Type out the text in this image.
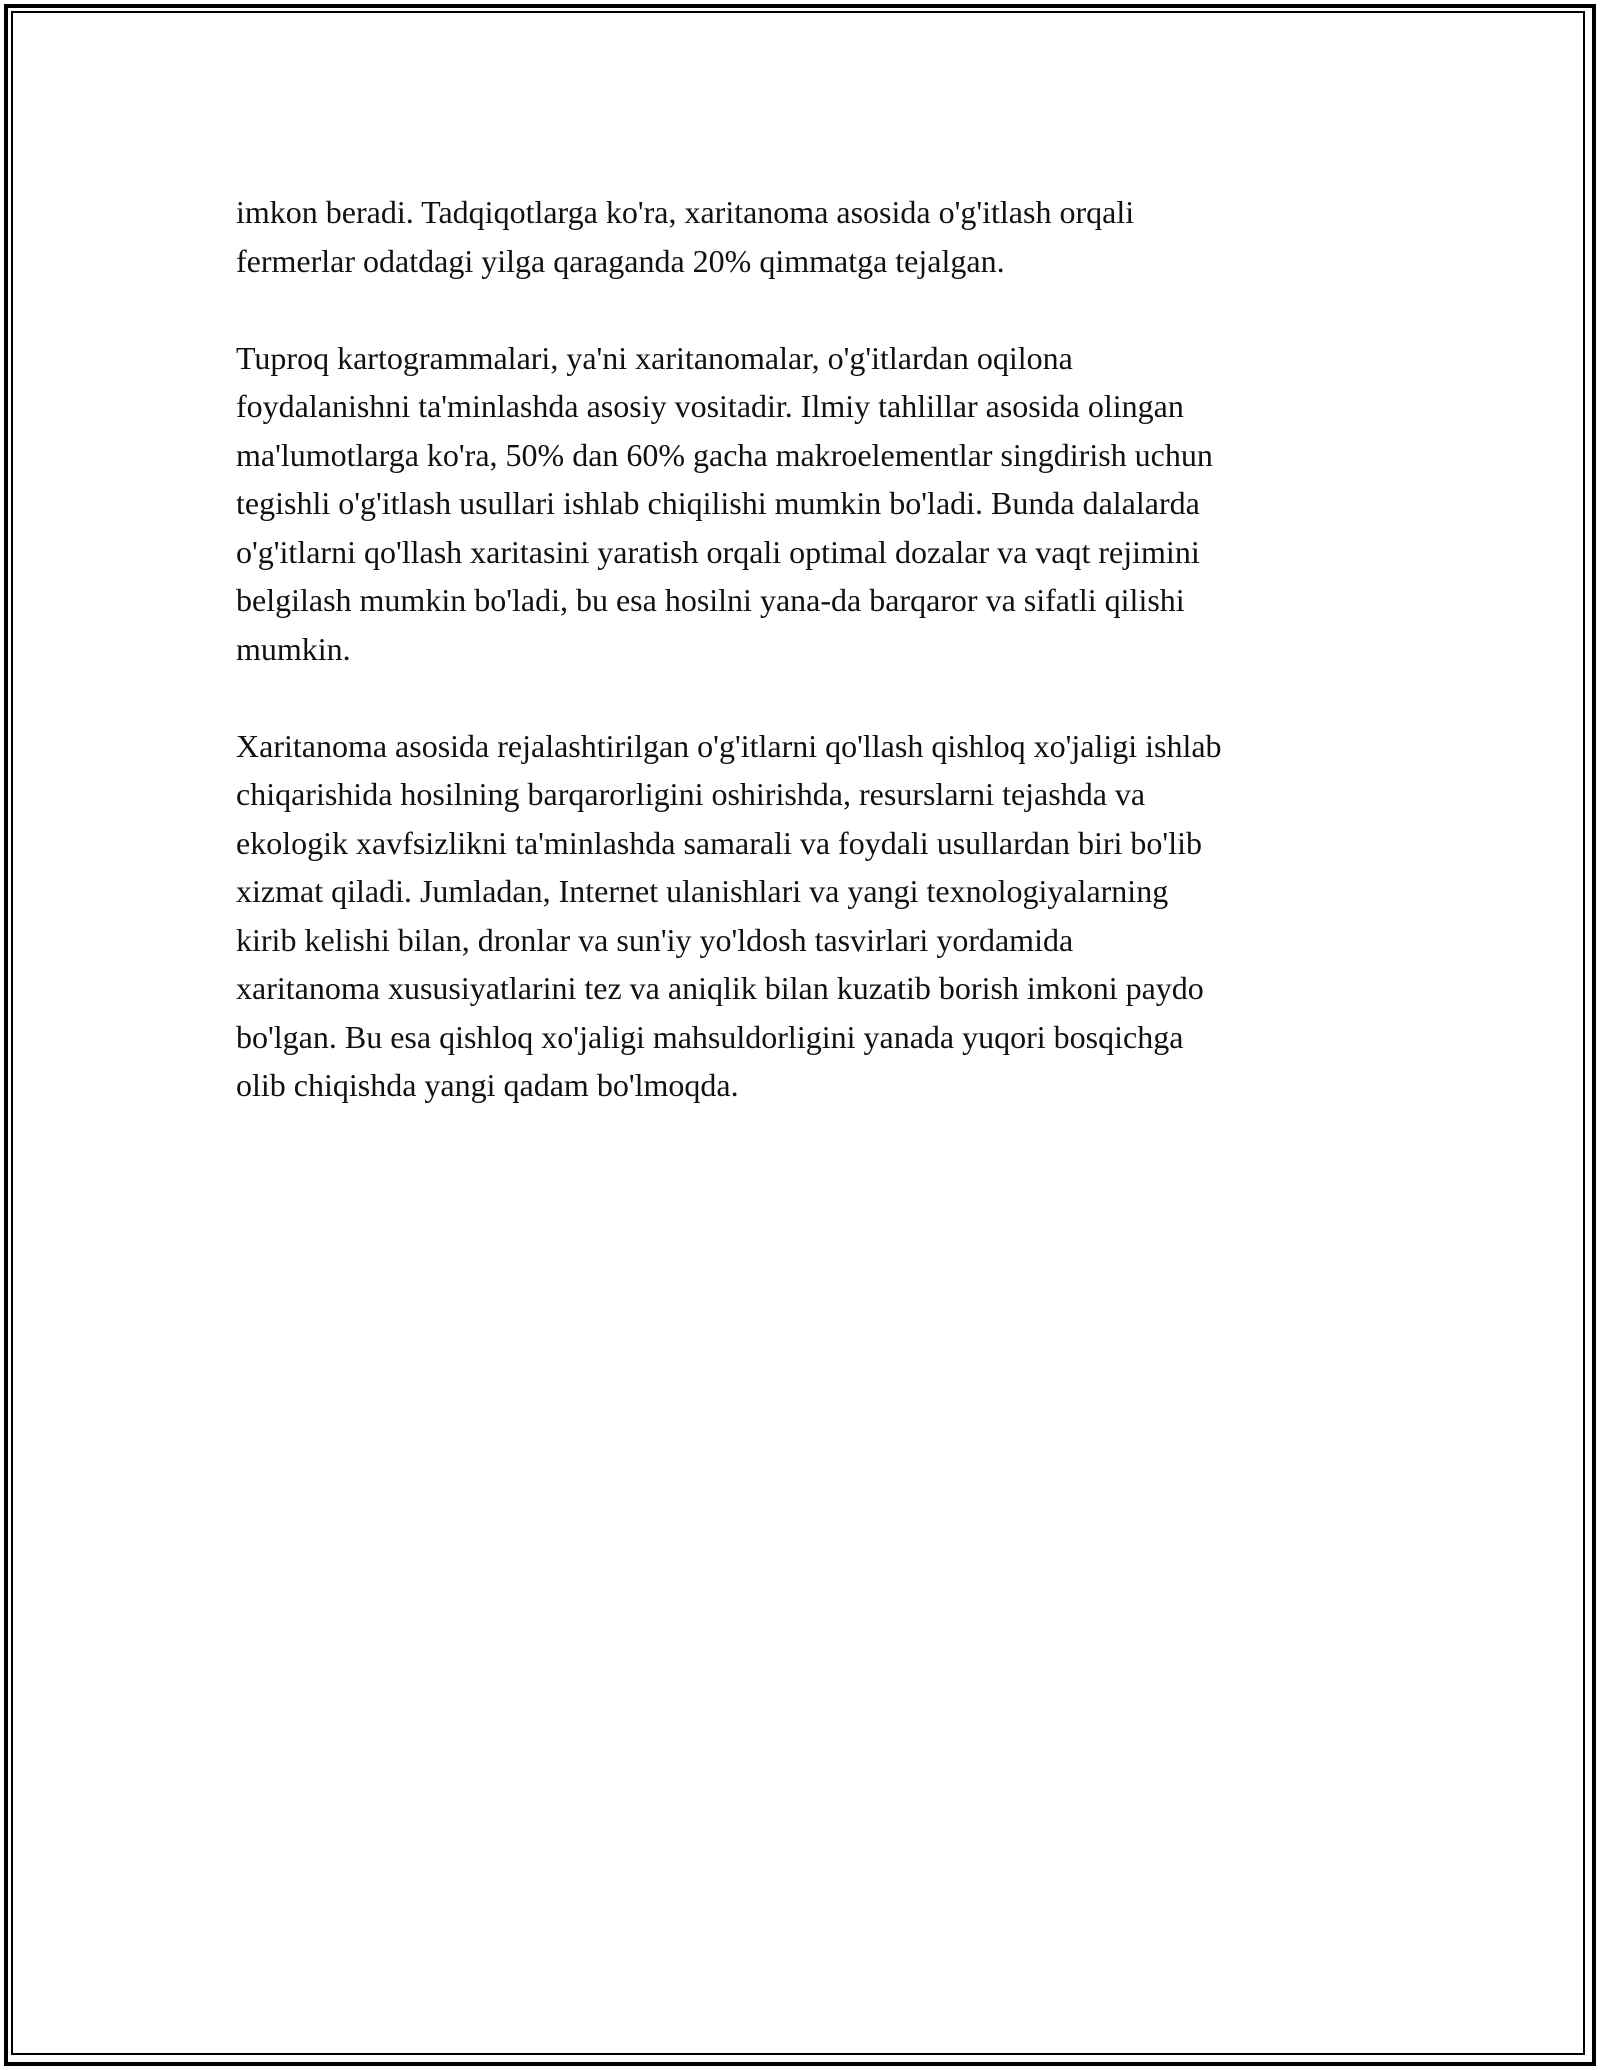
imkon beradi. Tadqiqotlarga ko'ra, xaritanoma asosida o'g'itlash orqali
fermerlar odatdagi yilga qaraganda 20% qimmatga tejalgan.

Tuproq kartogrammalari, ya'ni xaritanomalar, o'g'itlardan oqilona
foydalanishni ta'minlashda asosiy vositadir. Ilmiy tahlillar asosida olingan
ma'lumotlarga ko'ra, 50% dan 60% gacha makroelementlar singdirish uchun
tegishli o'g'itlash usullari ishlab chiqilishi mumkin bo'ladi. Bunda dalalarda
o'g'itlarni qo'llash xaritasini yaratish orqali optimal dozalar va vaqt rejimini
belgilash mumkin bo'ladi, bu esa hosilni yana-da barqaror va sifatli qilishi
mumkin.

Xaritanoma asosida rejalashtirilgan o'g'itlarni qo'llash qishloq xo'jaligi ishlab
chiqarishida hosilning barqarorligini oshirishda, resurslarni tejashda va
ekologik xavfsizlikni ta'minlashda samarali va foydali usullardan biri bo'lib
xizmat qiladi. Jumladan, Internet ulanishlari va yangi texnologiyalarning
kirib kelishi bilan, dronlar va sun'iy yo'ldosh tasvirlari yordamida
xaritanoma xususiyatlarini tez va aniqlik bilan kuzatib borish imkoni paydo
bo'lgan. Bu esa qishloq xo'jaligi mahsuldorligini yanada yuqori bosqichga
olib chiqishda yangi qadam bo'lmoqda.
